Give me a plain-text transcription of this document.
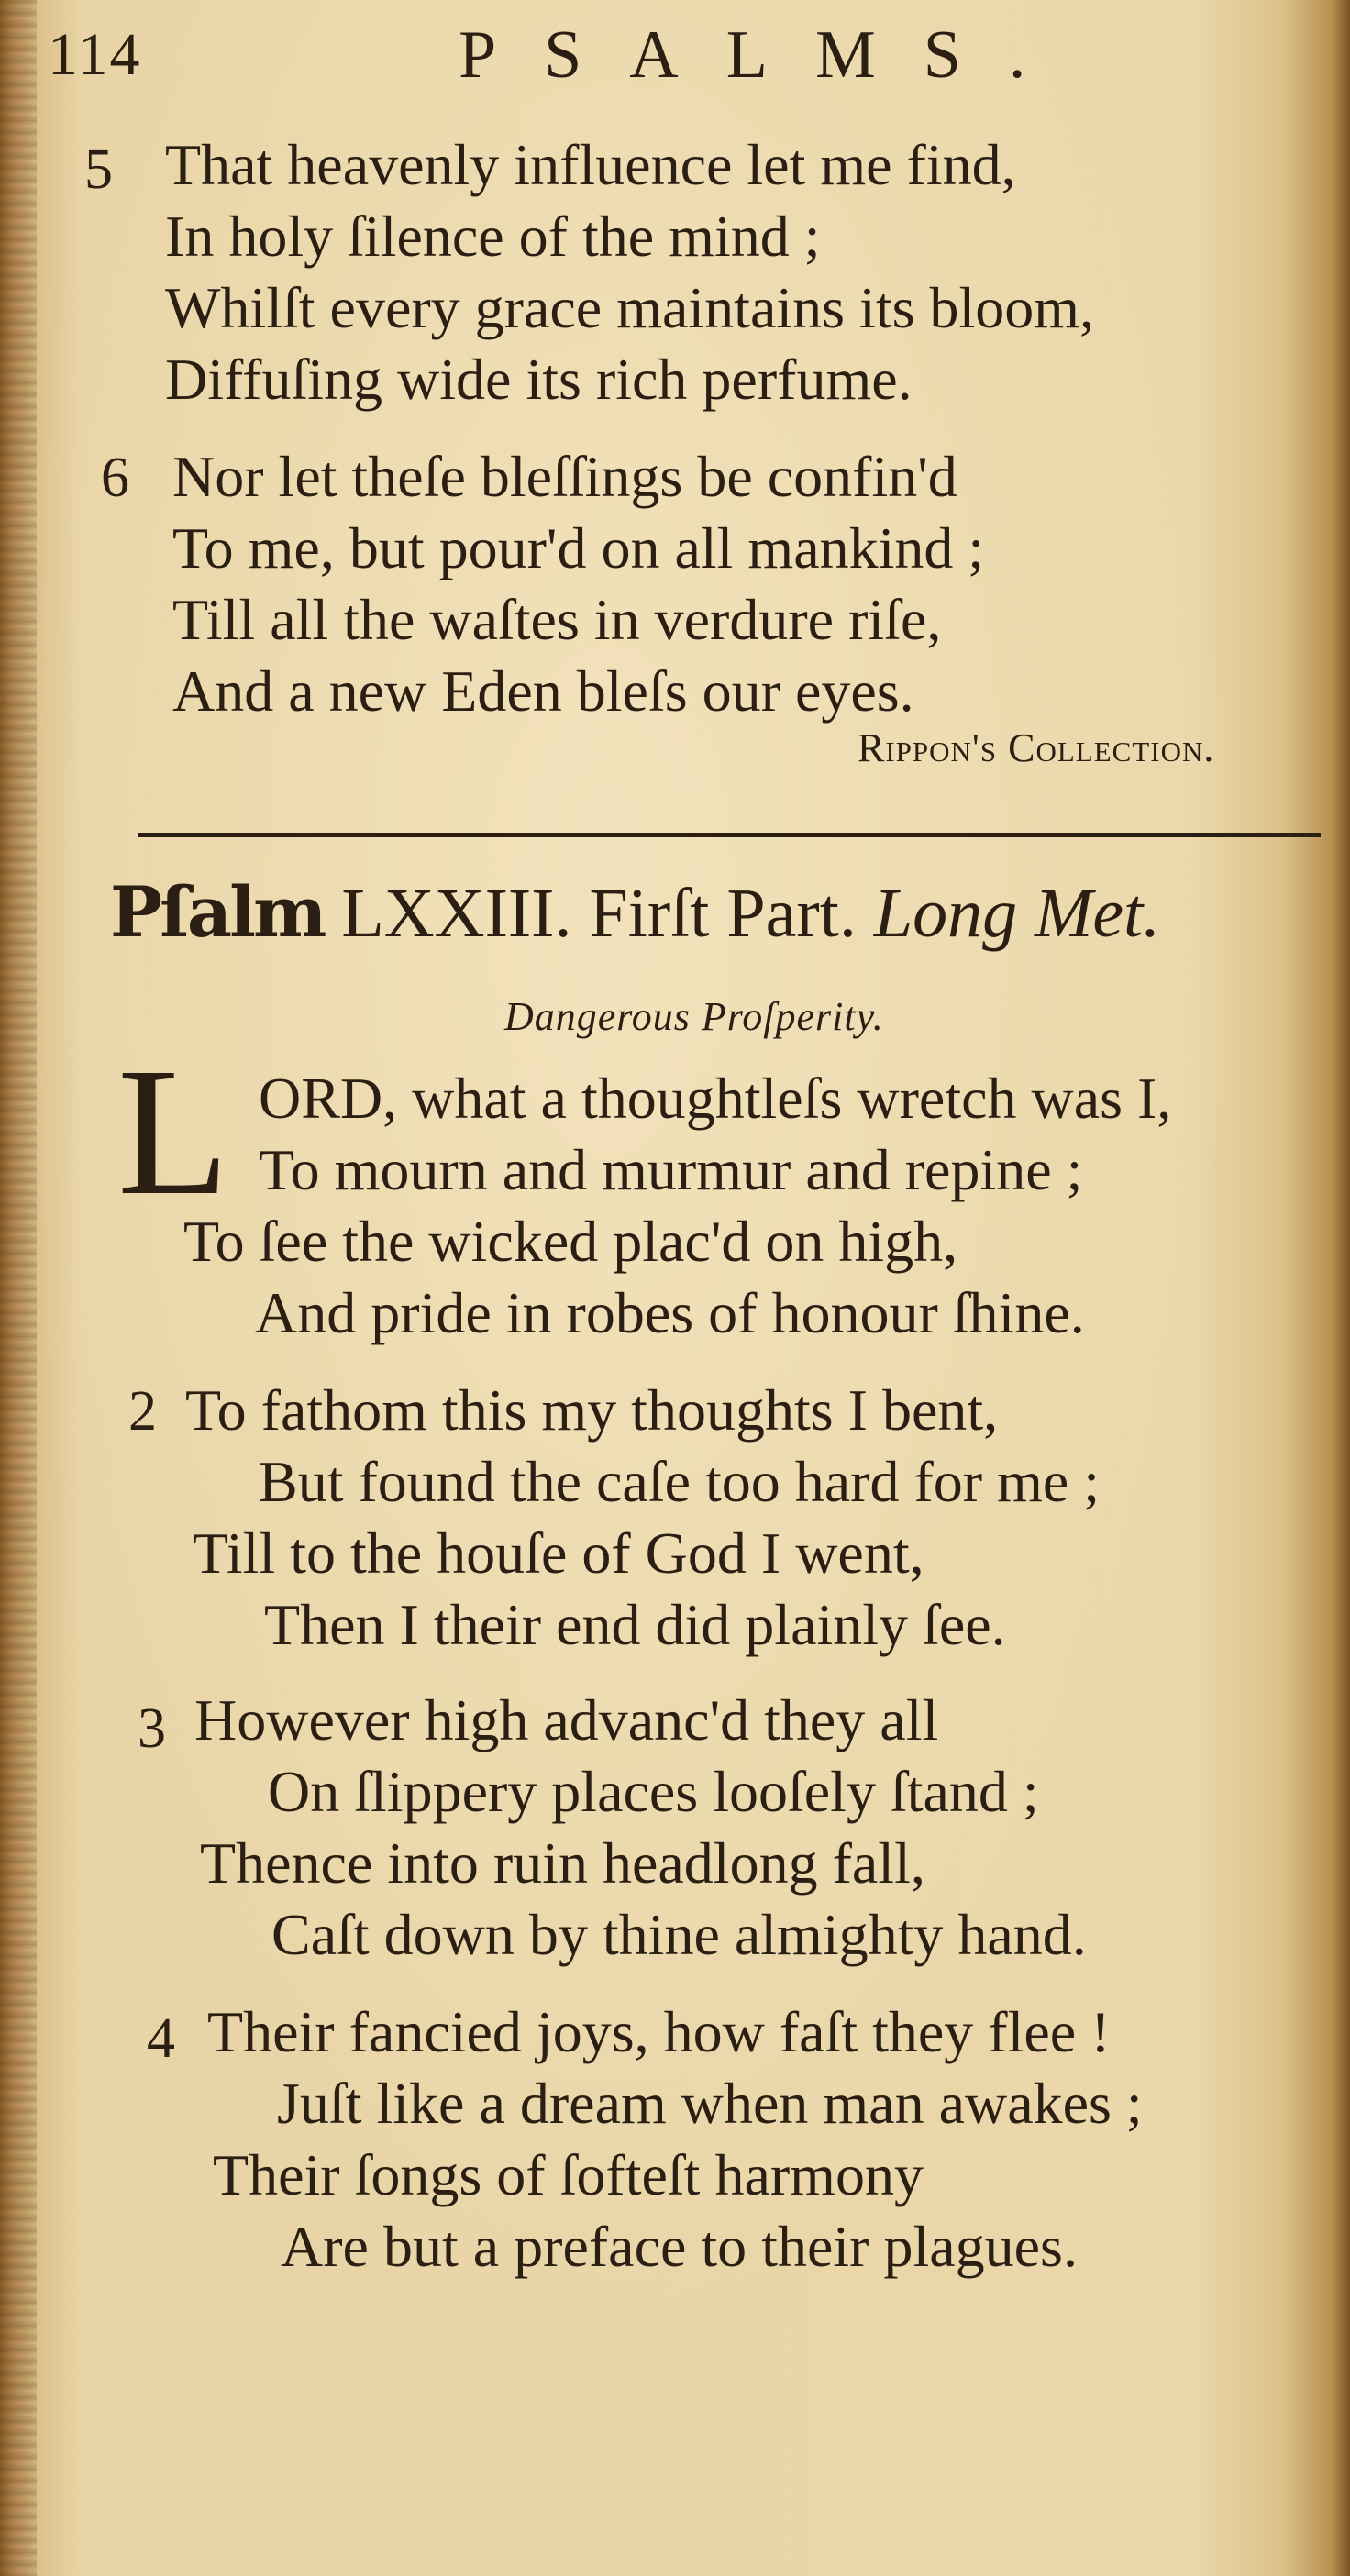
114	PSALMS.
5 That heavenly influence let me find,
In holy ſilence of the mind ;
Whilſt every grace maintains its bloom,
Diffuſing wide its rich perfume.
6 Nor let theſe bleſſings be confin'd
To me, but pour'd on all mankind ;
Till all the waſtes in verdure riſe,
And a new Eden bleſs our eyes.
Rippon's Collection.
Pſalm LXXIII. Firſt Part. Long Met.
Dangerous Proſperity.
L ORD, what a thoughtleſs wretch was I,
To mourn and murmur and repine ;
To ſee the wicked plac'd on high,
And pride in robes of honour ſhine.
2 To fathom this my thoughts I bent,
But found the caſe too hard for me ;
Till to the houſe of God I went,
Then I their end did plainly ſee.
3 However high advanc'd they all
On ſlippery places looſely ſtand ;
Thence into ruin headlong fall,
Caſt down by thine almighty hand.
4 Their fancied joys, how faſt they flee !
Juſt like a dream when man awakes ;
Their ſongs of ſofteſt harmony
Are but a preface to their plagues.
